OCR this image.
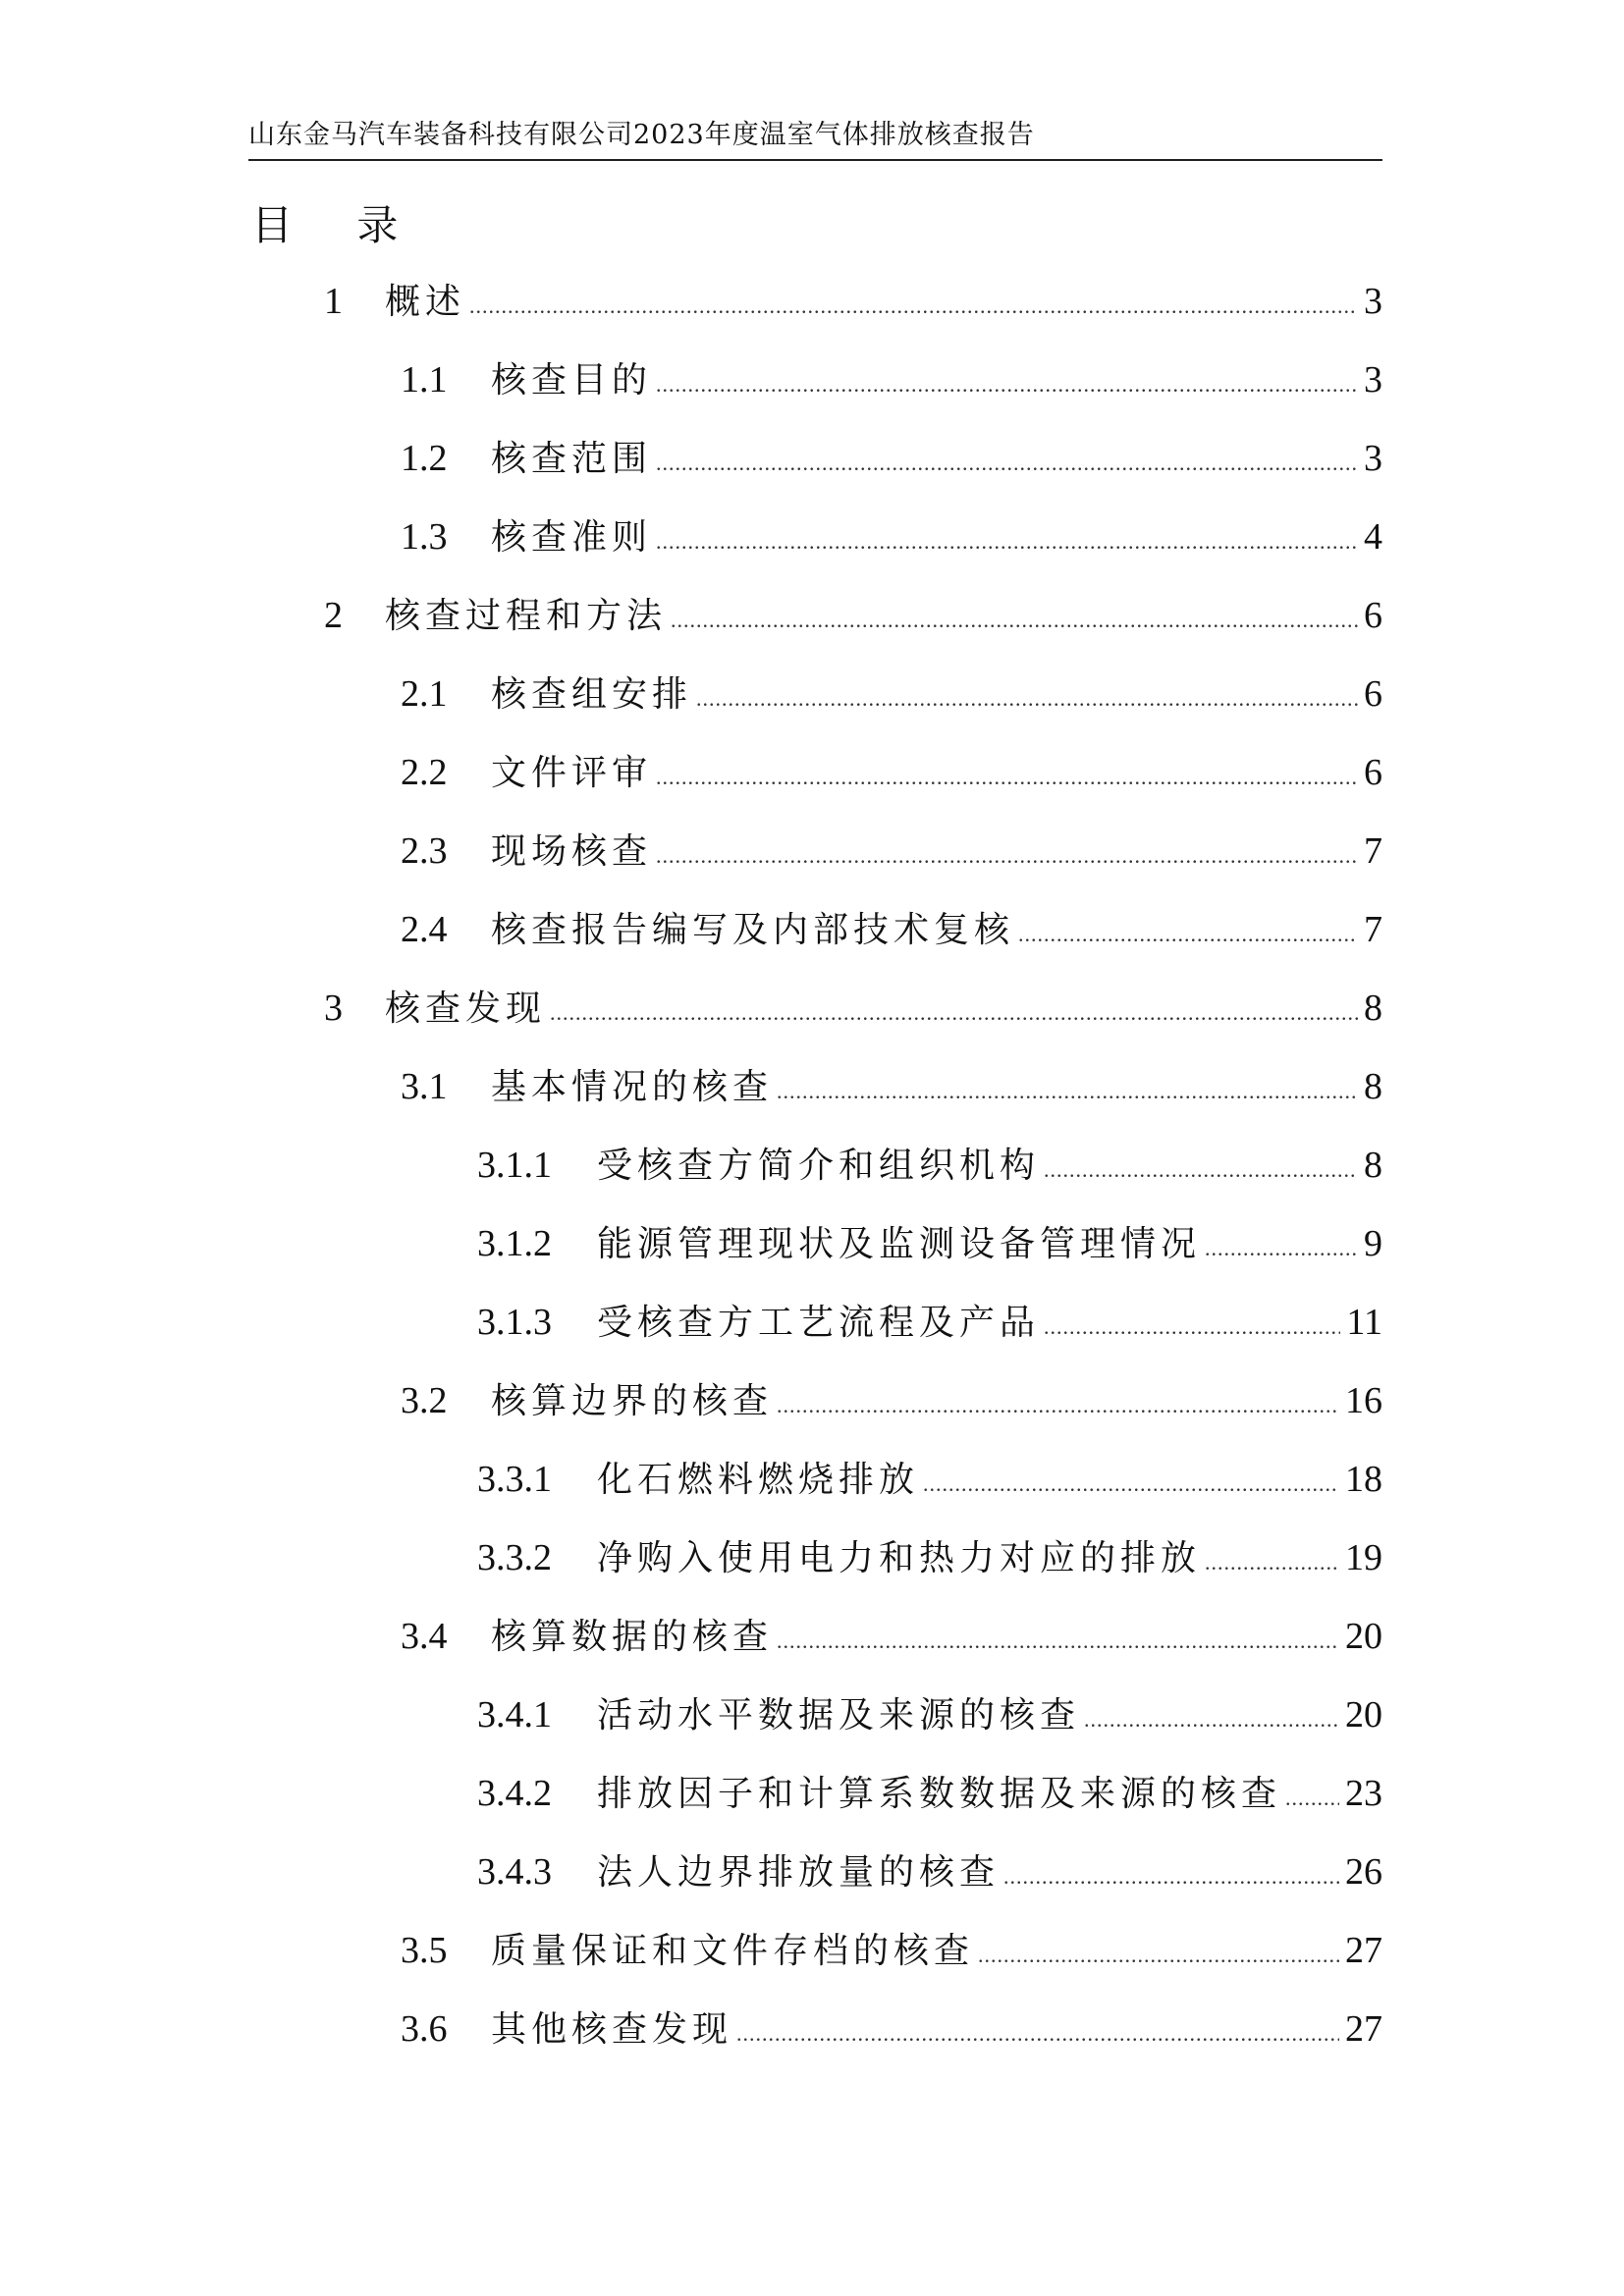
山东金马汽车装备科技有限公司2023年度温室气体排放核查报告
目 录
1	概述 .....	3
1.1	核查目的 .....	3
1.2	核查范围 .....	3
1.3	核查准则 .....	4
2	核查过程和方法 .....	6
2.1	核查组安排 .....	6
2.2	文件评审 .....	6
2.3	现场核查 .....	7
2.4	核查报告编写及内部技术复核 .....	7
3	核查发现 .....	8
3.1	基本情况的核查 .....	8
3.1.1	受核查方简介和组织机构 .....	8
3.1.2	能源管理现状及监测设备管理情况 .....	9
3.1.3	受核查方工艺流程及产品 .....	11
3.2	核算边界的核查 .....	16
3.3.1	化石燃料燃烧排放 .....	18
3.3.2	净购入使用电力和热力对应的排放 .....	19
3.4	核算数据的核查 .....	20
3.4.1	活动水平数据及来源的核查 .....	20
3.4.2	排放因子和计算系数数据及来源的核查 ..... 23
3.4.3	法人边界排放量的核查 .....	26
3.5	质量保证和文件存档的核查 .....	27
3.6	其他核查发现 .....	27
